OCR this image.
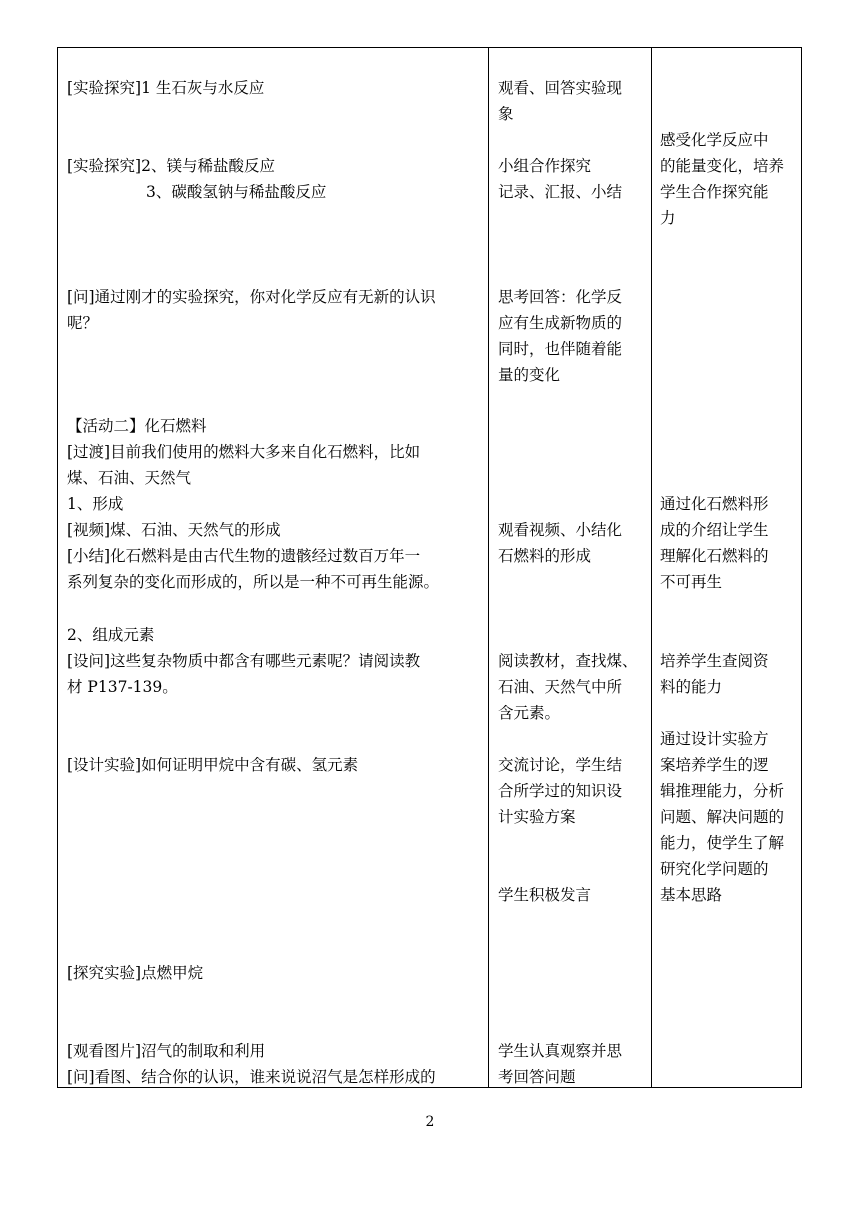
[实验探究]1 生石灰与水反应
[实验探究]2、镁与稀盐酸反应
3、碳酸氢钠与稀盐酸反应
[问]通过刚才的实验探究，你对化学反应有无新的认识
呢？
【活动二】化石燃料
[过渡]目前我们使用的燃料大多来自化石燃料，比如
煤、石油、天然气
1、形成
[视频]煤、石油、天然气的形成
[小结]化石燃料是由古代生物的遗骸经过数百万年一
系列复杂的变化而形成的，所以是一种不可再生能源。
2、组成元素
[设问]这些复杂物质中都含有哪些元素呢？请阅读教
材 P137-139。
[设计实验]如何证明甲烷中含有碳、氢元素
[探究实验]点燃甲烷
[观看图片]沼气的制取和利用
[问]看图、结合你的认识，谁来说说沼气是怎样形成的
观看、回答实验现
象
小组合作探究
记录、汇报、小结
思考回答：化学反
应有生成新物质的
同时，也伴随着能
量的变化
观看视频、小结化
石燃料的形成
阅读教材，查找煤、
石油、天然气中所
含元素。
交流讨论，学生结
合所学过的知识设
计实验方案
学生积极发言
学生认真观察并思
考回答问题
感受化学反应中
的能量变化，培养
学生合作探究能
力
通过化石燃料形
成的介绍让学生
理解化石燃料的
不可再生
培养学生查阅资
料的能力
通过设计实验方
案培养学生的逻
辑推理能力，分析
问题、解决问题的
能力，使学生了解
研究化学问题的
基本思路
2
